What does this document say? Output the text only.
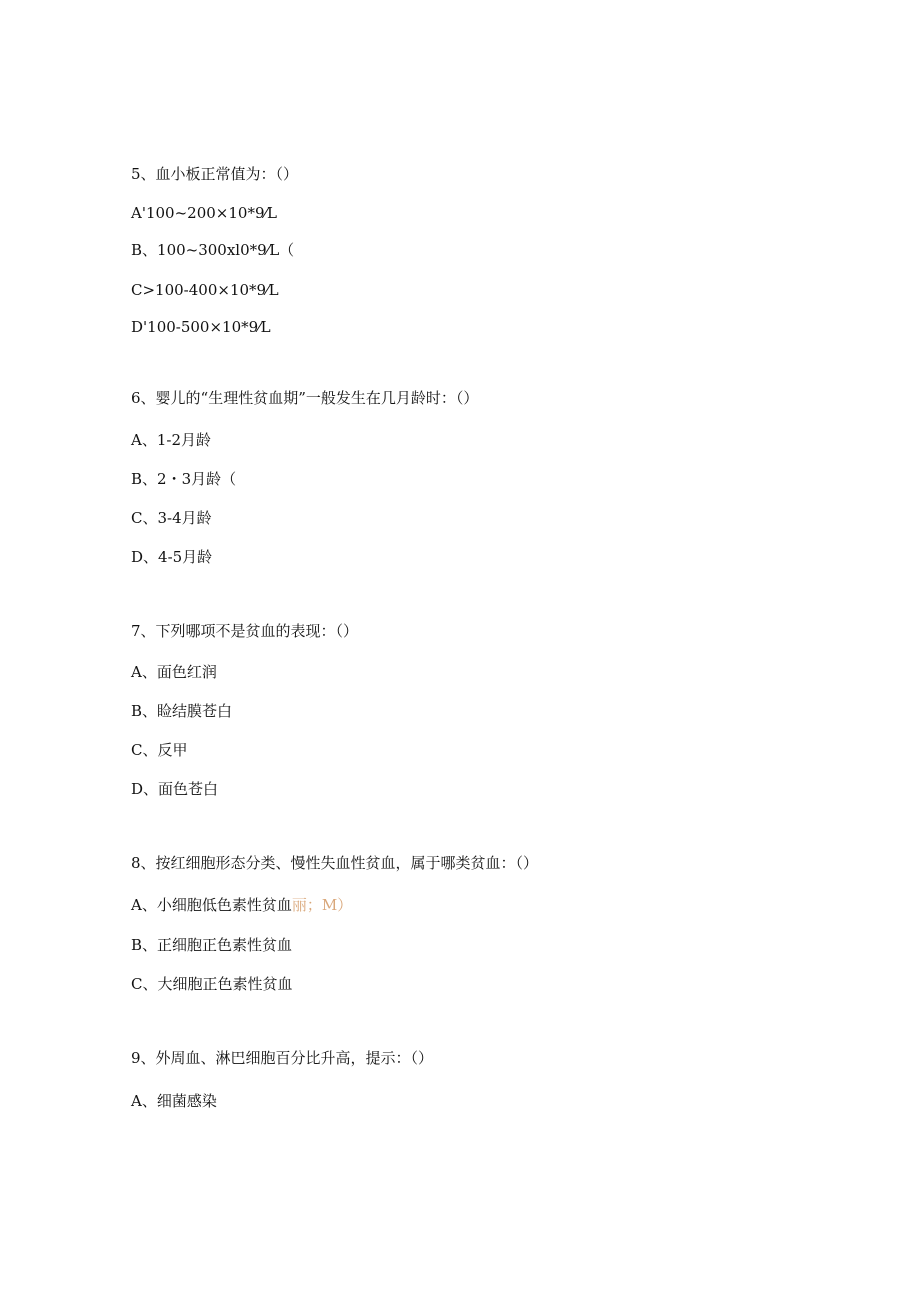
5、血小板正常值为：（）
A'100~200×10*9⁄L
B、100~300xl0*9⁄L（
C>100-400×10*9⁄L
D'100-500×10*9⁄L
6、婴儿的“生理性贫血期”一般发生在几月龄时：（）
A、1-2月龄
B、2・3月龄（
C、3-4月龄
D、4-5月龄
7、下列哪项不是贫血的表现：（）
A、面色红润
B、睑结膜苍白
C、反甲
D、面色苍白
8、按红细胞形态分类、慢性失血性贫血，属于哪类贫血：（）
A、小细胞低色素性贫血丽；M）
B、正细胞正色素性贫血
C、大细胞正色素性贫血
9、外周血、淋巴细胞百分比升高，提示：（）
A、细菌感染
